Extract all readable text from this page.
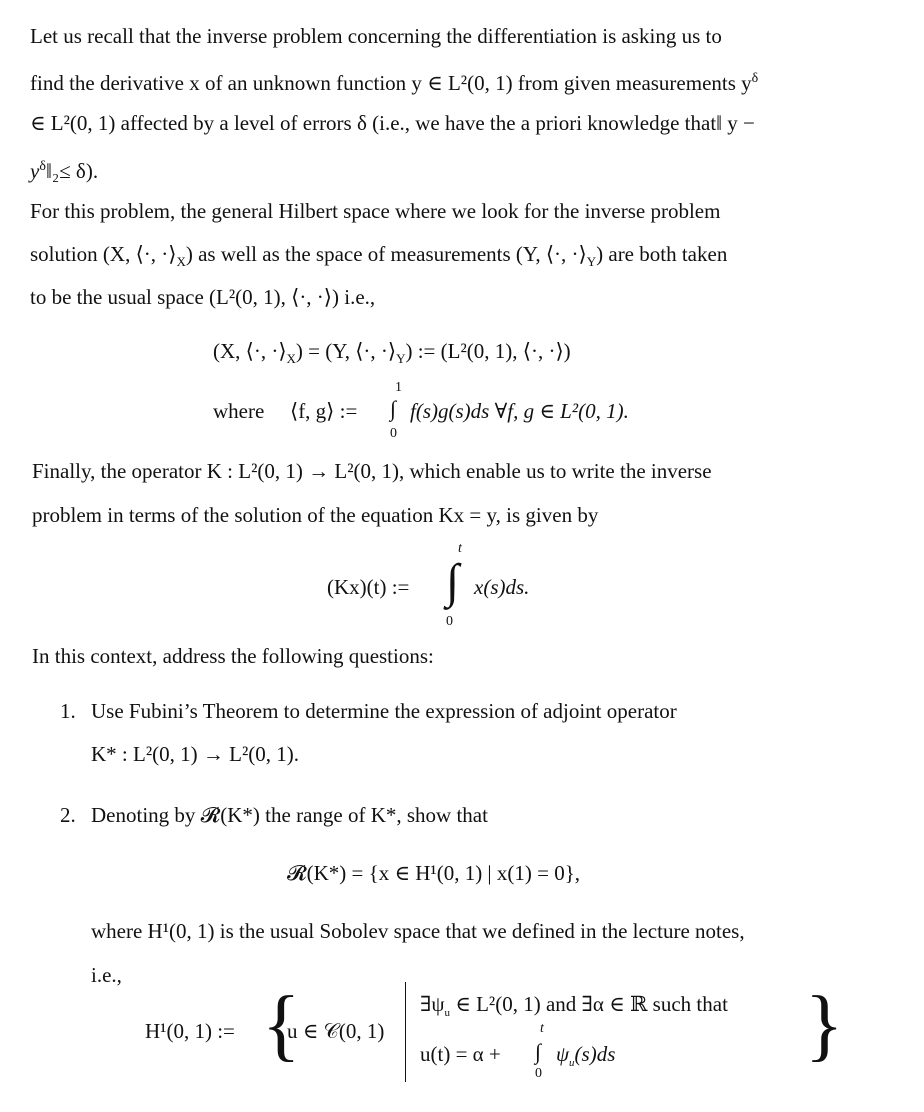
Let us recall that the inverse problem concerning the differentiation is asking us to
find the derivative x of an unknown function y ∈ L²(0, 1) from given measurements $y^\delta$
∈ L²(0, 1) affected by a level of errors δ (i.e., we have the a priori knowledge that‖ y −
$y^\delta‖_2\le \delta$).
For this problem, the general Hilbert space where we look for the inverse problem
solution (X, ⟨·, $\cdot⟩_X$) as well as the space of measurements (Y, ⟨·, $\cdot⟩_Y$) are both taken
to be the usual space (L²(0, 1), ⟨·, ·⟩) i.e.,
(X, ⟨·, $\cdot⟩_X) = (Y$, ⟨·, $\cdot⟩_Y$) := (L²(0, 1), ⟨·, ·⟩)
where ⟨f, g⟩ :=
1
∫
0
f(s)g(s)ds ∀f, g ∈ L²(0, 1).
Finally, the operator K : L²(0, 1) → L²(0, 1), which enable us to write the inverse
problem in terms of the solution of the equation Kx = y, is given by
(Kx)(t) :=
t
∫
0
x(s)ds.
In this context, address the following questions:
1. Use Fubini’s Theorem to determine the expression of adjoint operator
K* : L²(0, 1) → L²(0, 1).
2. Denoting by 𝓡(K*) the range of K*, show that
𝓡(K*) = {x ∈ H¹(0, 1) | x(1) = 0},
where H¹(0, 1) is the usual Sobolev space that we defined in the lecture notes,
i.e.,
H¹(0, 1) := {
u ∈ 𝒞(0, 1)
$\exists\psi_u$ ∈ L²(0, 1) and ∃α ∈ ℝ such that
u(t) = α +
t
∫
0
$\psi_u(s)ds$ }
